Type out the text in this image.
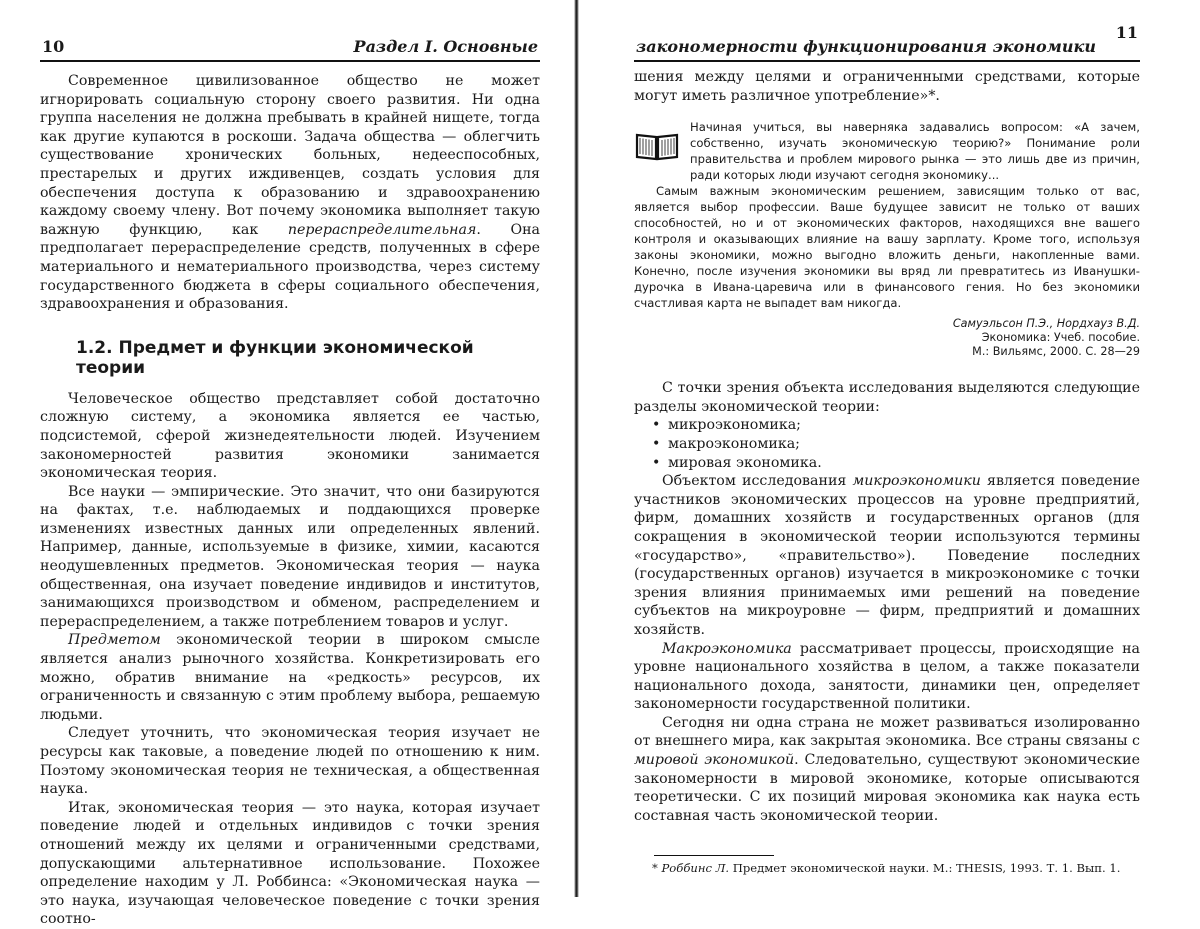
10	Раздел I. Основные

Современное цивилизованное общество не может игнорировать социальную сторону своего развития. Ни одна группа населения не должна пребывать в крайней нищете, тогда как другие купаются в роскоши. Задача общества — облегчить существование хронических больных, недееспособных, престарелых и других иждивенцев, создать условия для обеспечения доступа к образованию и здравоохранению каждому своему члену. Вот почему экономика выполняет такую важную функцию, как перераспределительная. Она предполагает перераспределение средств, полученных в сфере материального и нематериального производства, через систему государственного бюджета в сферы социального обеспечения, здравоохранения и образования.

1.2. Предмет и функции экономической теории

Человеческое общество представляет собой достаточно сложную систему, а экономика является ее частью, подсистемой, сферой жизнедеятельности людей. Изучением закономерностей развития экономики занимается экономическая теория.

Все науки — эмпирические. Это значит, что они базируются на фактах, т.е. наблюдаемых и поддающихся проверке изменениях известных данных или определенных явлений. Например, данные, используемые в физике, химии, касаются неодушевленных предметов. Экономическая теория — наука общественная, она изучает поведение индивидов и институтов, занимающихся производством и обменом, распределением и перераспределением, а также потреблением товаров и услуг.

Предметом экономической теории в широком смысле является анализ рыночного хозяйства. Конкретизировать его можно, обратив внимание на «редкость» ресурсов, их ограниченность и связанную с этим проблему выбора, решаемую людьми.

Следует уточнить, что экономическая теория изучает не ресурсы как таковые, а поведение людей по отношению к ним. Поэтому экономическая теория не техническая, а общественная наука.

Итак, экономическая теория — это наука, которая изучает поведение людей и отдельных индивидов с точки зрения отношений между их целями и ограниченными средствами, допускающими альтернативное использование. Похожее определение находим у Л. Роббинса: «Экономическая наука — это наука, изучающая человеческое поведение с точки зрения соотно-

закономерности функционирования экономики
11

шения между целями и ограниченными средствами, которые могут иметь различное употребление»*.

Начиная учиться, вы наверняка задавались вопросом: «А зачем, собственно, изучать экономическую теорию?» Понимание роли правительства и проблем мирового рынка — это лишь две из причин, ради которых люди изучают сегодня экономику...

Самым важным экономическим решением, зависящим только от вас, является выбор профессии. Ваше будущее зависит не только от ваших способностей, но и от экономических факторов, находящихся вне вашего контроля и оказывающих влияние на вашу зарплату. Кроме того, используя законы экономики, можно выгодно вложить деньги, накопленные вами. Конечно, после изучения экономики вы вряд ли превратитесь из Иванушки-дурочка в Ивана-царевича или в финансового гения. Но без экономики счастливая карта не выпадет вам никогда.

Самуэльсон П.Э., Нордхауз В.Д.
Экономика: Учеб. пособие.
М.: Вильямс, 2000. С. 28—29

С точки зрения объекта исследования выделяются следующие разделы экономической теории:

• микроэкономика;
• макроэкономика;
• мировая экономика.

Объектом исследования микроэкономики является поведение участников экономических процессов на уровне предприятий, фирм, домашних хозяйств и государственных органов (для сокращения в экономической теории используются термины «государство», «правительство»). Поведение последних (государственных органов) изучается в микроэкономике с точки зрения влияния принимаемых ими решений на поведение субъектов на микроуровне — фирм, предприятий и домашних хозяйств.

Макроэкономика рассматривает процессы, происходящие на уровне национального хозяйства в целом, а также показатели национального дохода, занятости, динамики цен, определяет закономерности государственной политики.

Сегодня ни одна страна не может развиваться изолированно от внешнего мира, как закрытая экономика. Все страны связаны с мировой экономикой. Следовательно, существуют экономические закономерности в мировой экономике, которые описываются теоретически. С их позиций мировая экономика как наука есть составная часть экономической теории.

* Роббинс Л. Предмет экономической науки. М.: THESIS, 1993. Т. 1. Вып. 1.
